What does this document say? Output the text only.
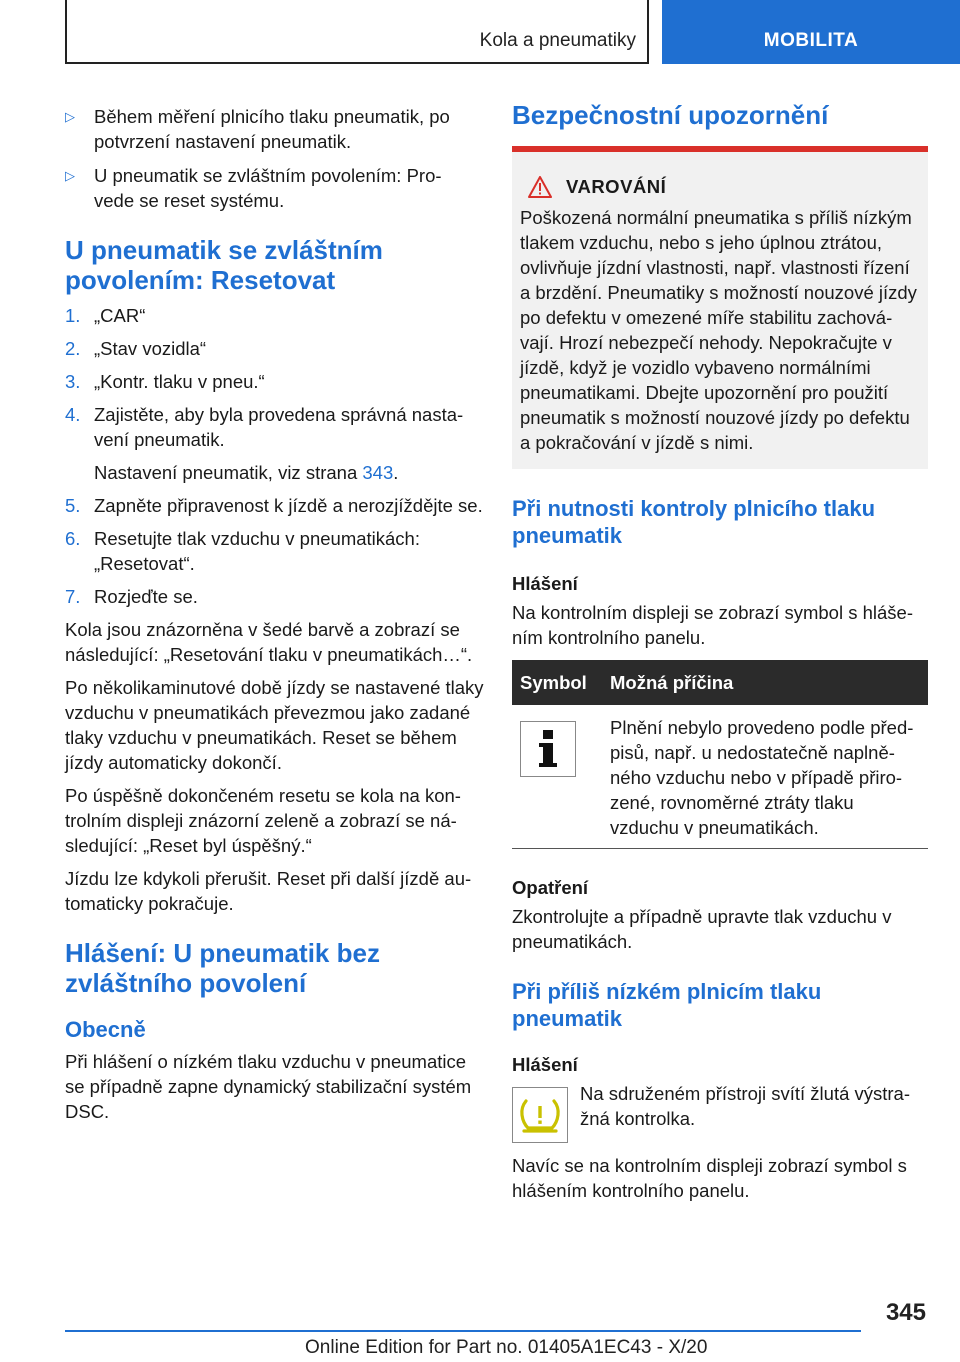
Kola a pneumatiky	MOBILITA
▷ Během měření plnicího tlaku pneumatik, po potvrzení nastavení pneumatik.
▷ U pneumatik se zvláštním povolením: Pro- vede se reset systému.
U pneumatik se zvláštním povolením: Resetovat
1. „CAR“
2. „Stav vozidla“
3. „Kontr. tlaku v pneu.“
4. Zajistěte, aby byla provedena správná nasta- vení pneumatik.
Nastavení pneumatik, viz strana 343.
5. Zapněte připravenost k jízdě a nerozjíždějte se.
6. Resetujte tlak vzduchu v pneumatikách: „Resetovat“.
7. Rozjeďte se.

Kola jsou znázorněna v šedé barvě a zobrazí se následující: „Resetování tlaku v pneumatikách…“.

Po několikaminutové době jízdy se nastavené tlaky vzduchu v pneumatikách převezmou jako zadané tlaky vzduchu v pneumatikách. Reset se během jízdy automaticky dokončí.

Po úspěšně dokončeném resetu se kola na kon- trolním displeji znázorní zeleně a zobrazí se ná- sledující: „Reset byl úspěšný.“

Jízdu lze kdykoli přerušit. Reset při další jízdě au- tomaticky pokračuje.

Hlášení: U pneumatik bez zvláštního povolení
Obecně

Při hlášení o nízkém tlaku vzduchu v pneumatice se případně zapne dynamický stabilizační systém DSC.

Bezpečnostní upozornění
VAROVÁNÍ
Poškozená normální pneumatika s příliš nízkým tlakem vzduchu, nebo s jeho úplnou ztrátou, ovlivňuje jízdní vlastnosti, např. vlastnosti řízení a brzdění. Pneumatiky s možností nouzové jízdy po defektu v omezené míře stabilitu zachová- vají. Hrozí nebezpečí nehody. Nepokračujte v jízdě, když je vozidlo vybaveno normálními pneumatikami. Dbejte upozornění pro použití pneumatik s možností nouzové jízdy po defektu a pokračování v jízdě s nimi.
Při nutnosti kontroly plnicího tlaku pneumatik
Hlášení

Na kontrolním displeji se zobrazí symbol s hláše- ním kontrolního panelu.

Symbol	Možná příčina

	Plnění nebylo provedeno podle před- pisů, např. u nedostatečně naplně- ného vzduchu nebo v případě přiro- zené, rovnoměrné ztráty tlaku vzduchu v pneumatikách.
Opatření

Zkontrolujte a případně upravte tlak vzduchu v pneumatikách.

Při příliš nízkém plnicím tlaku pneumatik
Hlášení
Na sdruženém přístroji svítí žlutá výstra- žná kontrolka.

Navíc se na kontrolním displeji zobrazí symbol s hlášením kontrolního panelu.

345
Online Edition for Part no. 01405A1EC43 - X/20
